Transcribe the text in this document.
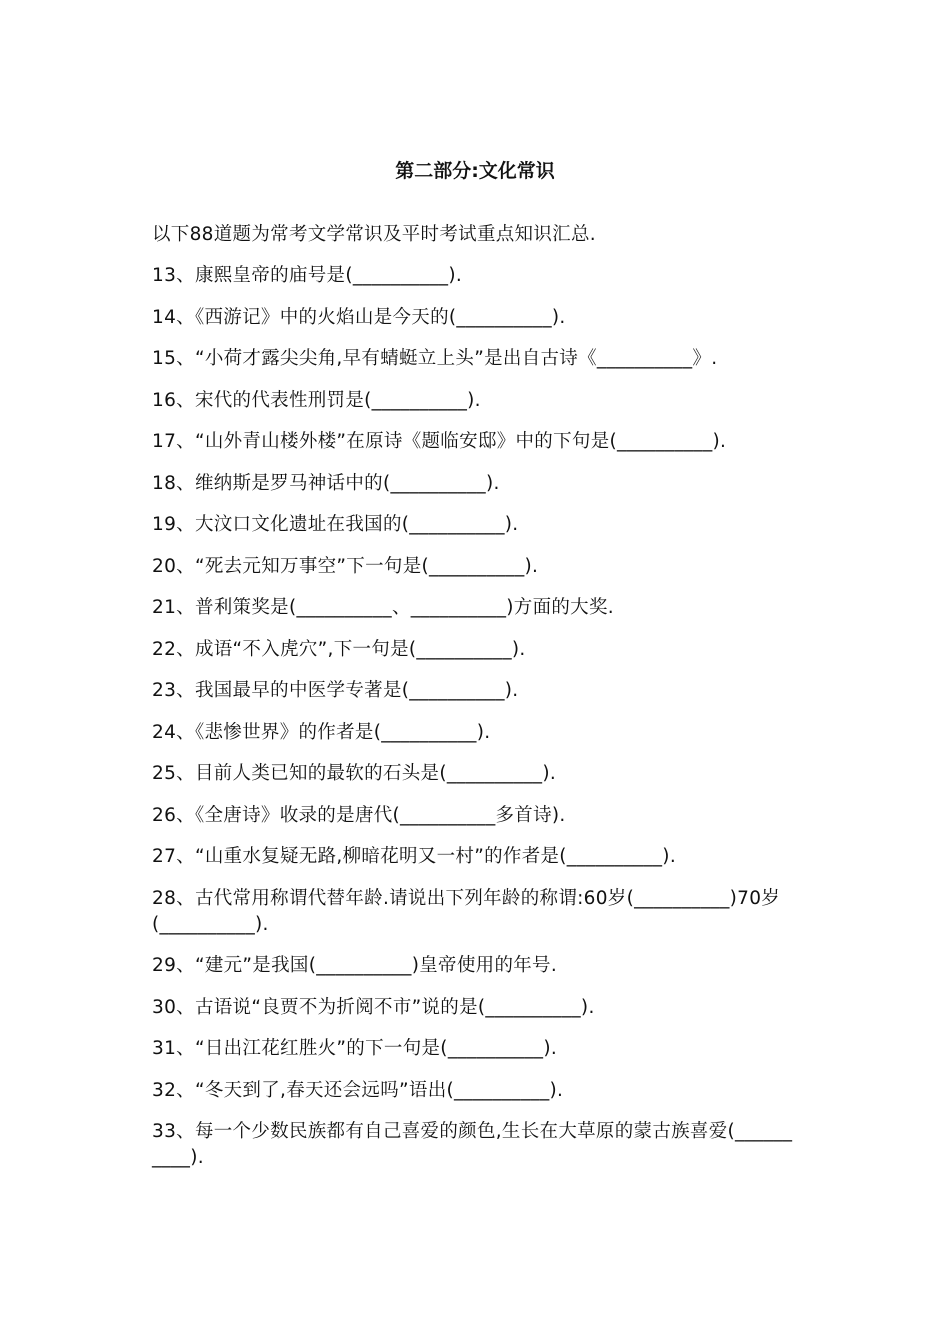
第二部分:文化常识

以下88道题为常考文学常识及平时考试重点知识汇总.

13、康熙皇帝的庙号是(__________).

14、《西游记》中的火焰山是今天的(__________).

15、“小荷才露尖尖角,早有蜻蜓立上头”是出自古诗《__________》.

16、宋代的代表性刑罚是(__________).

17、“山外青山楼外楼”在原诗《题临安邸》中的下句是(__________).

18、维纳斯是罗马神话中的(__________).

19、大汶口文化遗址在我国的(__________).

20、“死去元知万事空”下一句是(__________).

21、普利策奖是(__________、__________)方面的大奖.

22、成语“不入虎穴”,下一句是(__________).

23、我国最早的中医学专著是(__________).

24、《悲惨世界》的作者是(__________).

25、目前人类已知的最软的石头是(__________).

26、《全唐诗》收录的是唐代(__________多首诗).

27、“山重水复疑无路,柳暗花明又一村”的作者是(__________).

28、古代常用称谓代替年龄.请说出下列年龄的称谓:60岁(__________)70岁(__________).

29、“建元”是我国(__________)皇帝使用的年号.

30、古语说“良贾不为折阅不市”说的是(__________).

31、“日出江花红胜火”的下一句是(__________).

32、“冬天到了,春天还会远吗”语出(__________).

33、每一个少数民族都有自己喜爱的颜色,生长在大草原的蒙古族喜爱(__________).
